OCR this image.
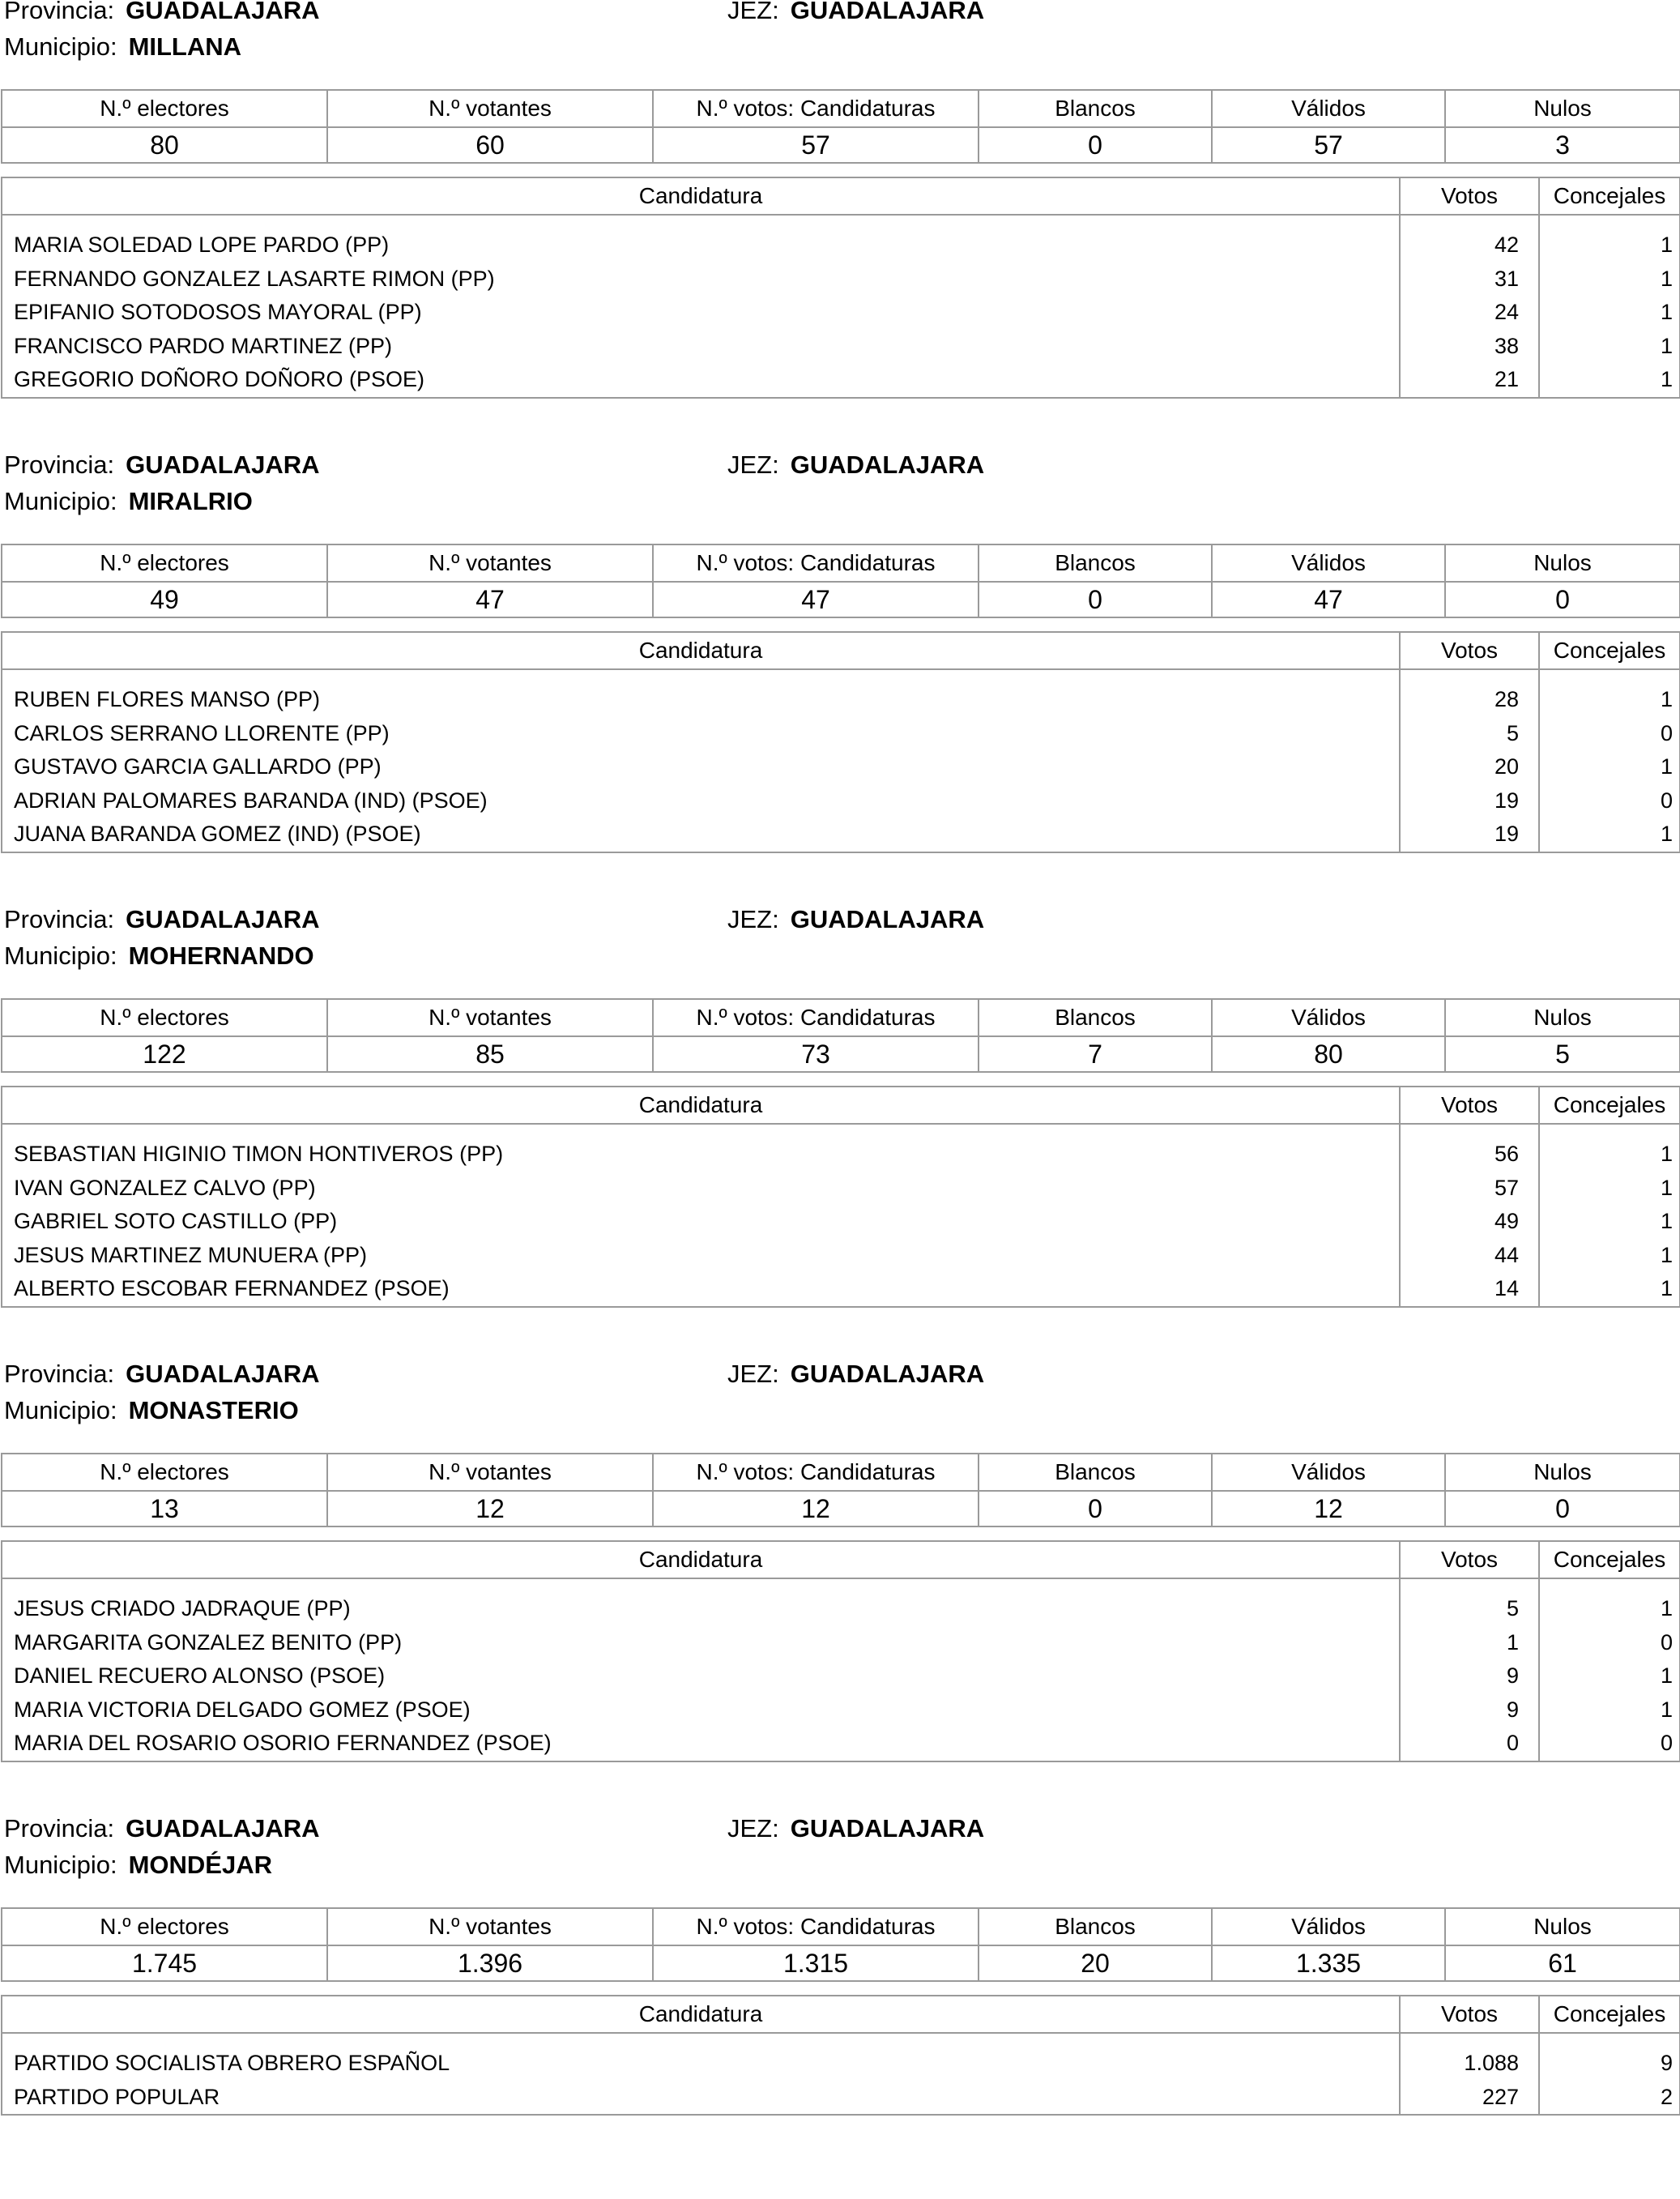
Provincia: GUADALAJARA	JEZ: GUADALAJARA
Municipio: MILLANA
N.º electores	N.º votantes	N.º votos: Candidaturas	Blancos	Válidos	Nulos
80	60	57	0	57	3
Candidatura	Votos	Concejales
MARIA SOLEDAD LOPE PARDO (PP)	42	1
FERNANDO GONZALEZ LASARTE RIMON (PP)	31	1
EPIFANIO SOTODOSOS MAYORAL (PP)	24	1
FRANCISCO PARDO MARTINEZ (PP)	38	1
GREGORIO DOÑORO DOÑORO (PSOE)	21	1
Provincia: GUADALAJARA	JEZ: GUADALAJARA
Municipio: MIRALRIO
N.º electores	N.º votantes	N.º votos: Candidaturas	Blancos	Válidos	Nulos
49	47	47	0	47	0
Candidatura	Votos	Concejales
RUBEN FLORES MANSO (PP)	28	1
CARLOS SERRANO LLORENTE (PP)	5	0
GUSTAVO GARCIA GALLARDO (PP)	20	1
ADRIAN PALOMARES BARANDA (IND) (PSOE)	19	0
JUANA BARANDA GOMEZ (IND) (PSOE)	19	1
Provincia: GUADALAJARA	JEZ: GUADALAJARA
Municipio: MOHERNANDO
N.º electores	N.º votantes	N.º votos: Candidaturas	Blancos	Válidos	Nulos
122	85	73	7	80	5
Candidatura	Votos	Concejales
SEBASTIAN HIGINIO TIMON HONTIVEROS (PP)	56	1
IVAN GONZALEZ CALVO (PP)	57	1
GABRIEL SOTO CASTILLO (PP)	49	1
JESUS MARTINEZ MUNUERA (PP)	44	1
ALBERTO ESCOBAR FERNANDEZ (PSOE)	14	1
Provincia: GUADALAJARA	JEZ: GUADALAJARA
Municipio: MONASTERIO
N.º electores	N.º votantes	N.º votos: Candidaturas	Blancos	Válidos	Nulos
13	12	12	0	12	0
Candidatura	Votos	Concejales
JESUS CRIADO JADRAQUE (PP)	5	1
MARGARITA GONZALEZ BENITO (PP)	1	0
DANIEL RECUERO ALONSO (PSOE)	9	1
MARIA VICTORIA DELGADO GOMEZ (PSOE)	9	1
MARIA DEL ROSARIO OSORIO FERNANDEZ (PSOE)	0	0
Provincia: GUADALAJARA	JEZ: GUADALAJARA
Municipio: MONDÉJAR
N.º electores	N.º votantes	N.º votos: Candidaturas	Blancos	Válidos	Nulos
1.745	1.396	1.315	20	1.335	61
Candidatura	Votos	Concejales
PARTIDO SOCIALISTA OBRERO ESPAÑOL	1.088	9
PARTIDO POPULAR	227	2
